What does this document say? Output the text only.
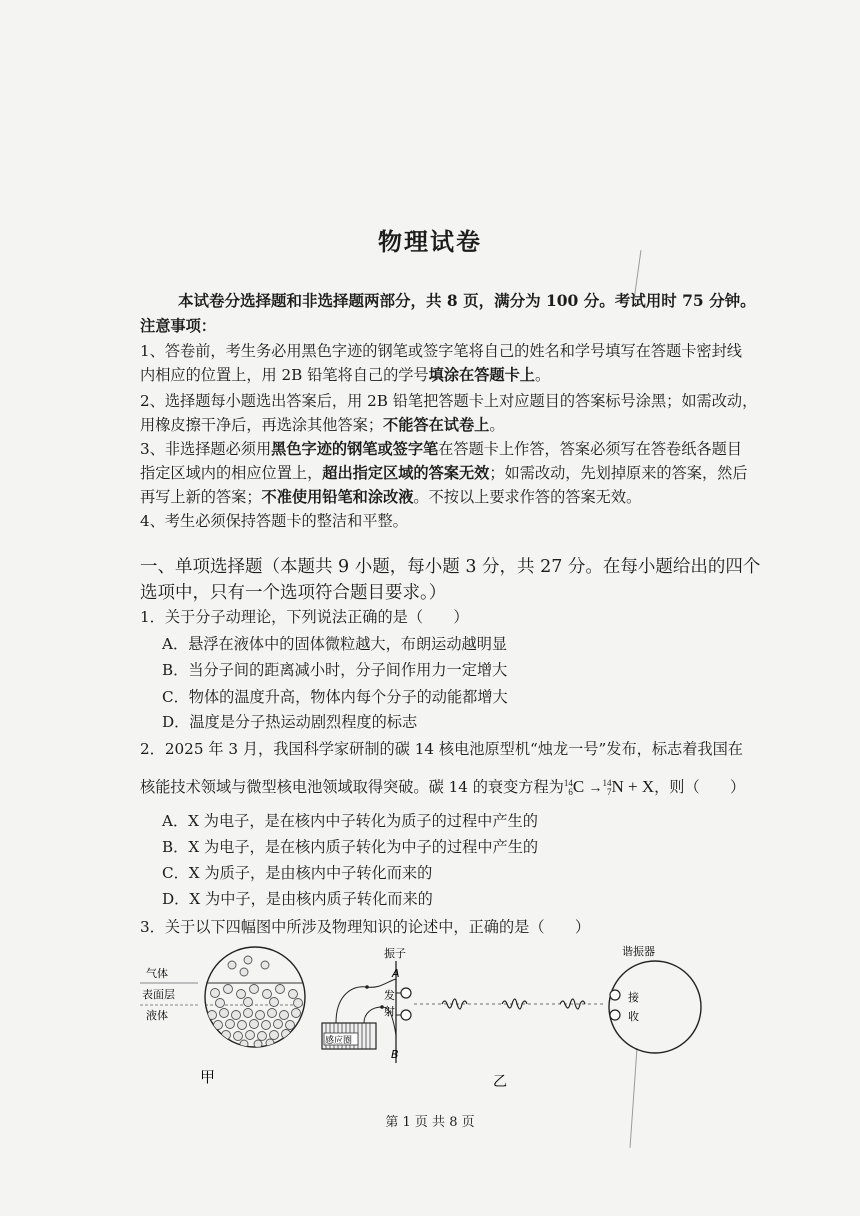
物理试卷
本试卷分选择题和非选择题两部分，共 8 页，满分为 100 分。考试用时 75 分钟。
注意事项：
1、答卷前，考生务必用黑色字迹的钢笔或签字笔将自己的姓名和学号填写在答题卡密封线
内相应的位置上，用 2B 铅笔将自己的学号填涂在答题卡上。
2、选择题每小题选出答案后，用 2B 铅笔把答题卡上对应题目的答案标号涂黑；如需改动，
用橡皮擦干净后，再选涂其他答案；不能答在试卷上。
3、非选择题必须用黑色字迹的钢笔或签字笔在答题卡上作答，答案必须写在答卷纸各题目
指定区域内的相应位置上，超出指定区域的答案无效；如需改动，先划掉原来的答案，然后
再写上新的答案；不准使用铅笔和涂改液。不按以上要求作答的答案无效。
4、考生必须保持答题卡的整洁和平整。
一、单项选择题（本题共 9 小题，每小题 3 分，共 27 分。在每小题给出的四个
选项中，只有一个选项符合题目要求。）
1．关于分子动理论，下列说法正确的是（　　）
A．悬浮在液体中的固体微粒越大，布朗运动越明显
B．当分子间的距离减小时，分子间作用力一定增大
C．物体的温度升高，物体内每个分子的动能都增大
D．温度是分子热运动剧烈程度的标志
2．2025 年 3 月，我国科学家研制的碳 14 核电池原型机“烛龙一号”发布，标志着我国在
核能技术领域与微型核电池领域取得突破。碳 14 的衰变方程为14
6C →14
7N + X，则（　　）
A．X 为电子，是在核内中子转化为质子的过程中产生的
B．X 为电子，是在核内质子转化为中子的过程中产生的
C．X 为质子，是由核内中子转化而来的
D．X 为中子，是由核内质子转化而来的
3．关于以下四幅图中所涉及物理知识的论述中，正确的是（　　）
气体
表面层
液体
甲
振子
A
B
发
射
感应圈
谐振器
接
收
乙
第 1 页 共 8 页
